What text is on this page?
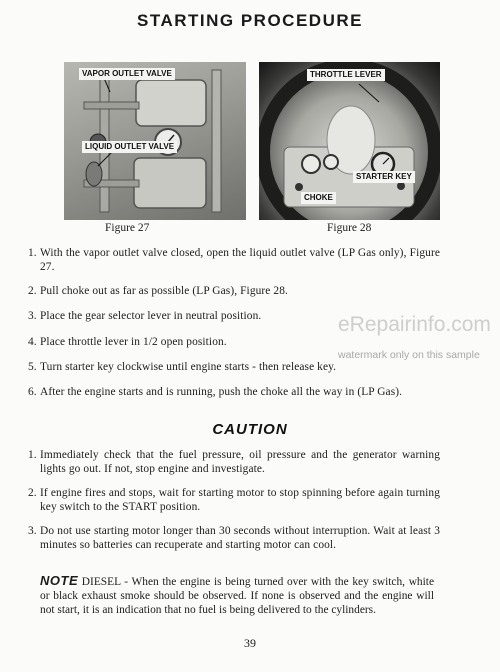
STARTING PROCEDURE
VAPOR OUTLET VALVE
LIQUID OUTLET VALVE
THROTTLE LEVER
STARTER KEY
CHOKE
Figure 27	Figure 28
1. With the vapor outlet valve closed, open the liquid outlet valve (LP Gas only), Figure 27.
2. Pull choke out as far as possible (LP Gas), Figure 28.
3. Place the gear selector lever in neutral position.
4. Place throttle lever in 1/2 open position.
5. Turn starter key clockwise until engine starts - then release key.
6. After the engine starts and is running, push the choke all the way in (LP Gas).
CAUTION
1. Immediately check that the fuel pressure, oil pressure and the generator warning lights go out. If not, stop engine and investigate.
2. If engine fires and stops, wait for starting motor to stop spinning before again turning key switch to the START position.
3. Do not use starting motor longer than 30 seconds without interruption. Wait at least 3 minutes so batteries can recuperate and starting motor can cool.
NOTE DIESEL - When the engine is being turned over with the key switch, white or black exhaust smoke should be observed. If none is observed and the engine will not start, it is an indication that no fuel is being delivered to the cylinders.
39
eRepairinfo.com
watermark only on this sample
